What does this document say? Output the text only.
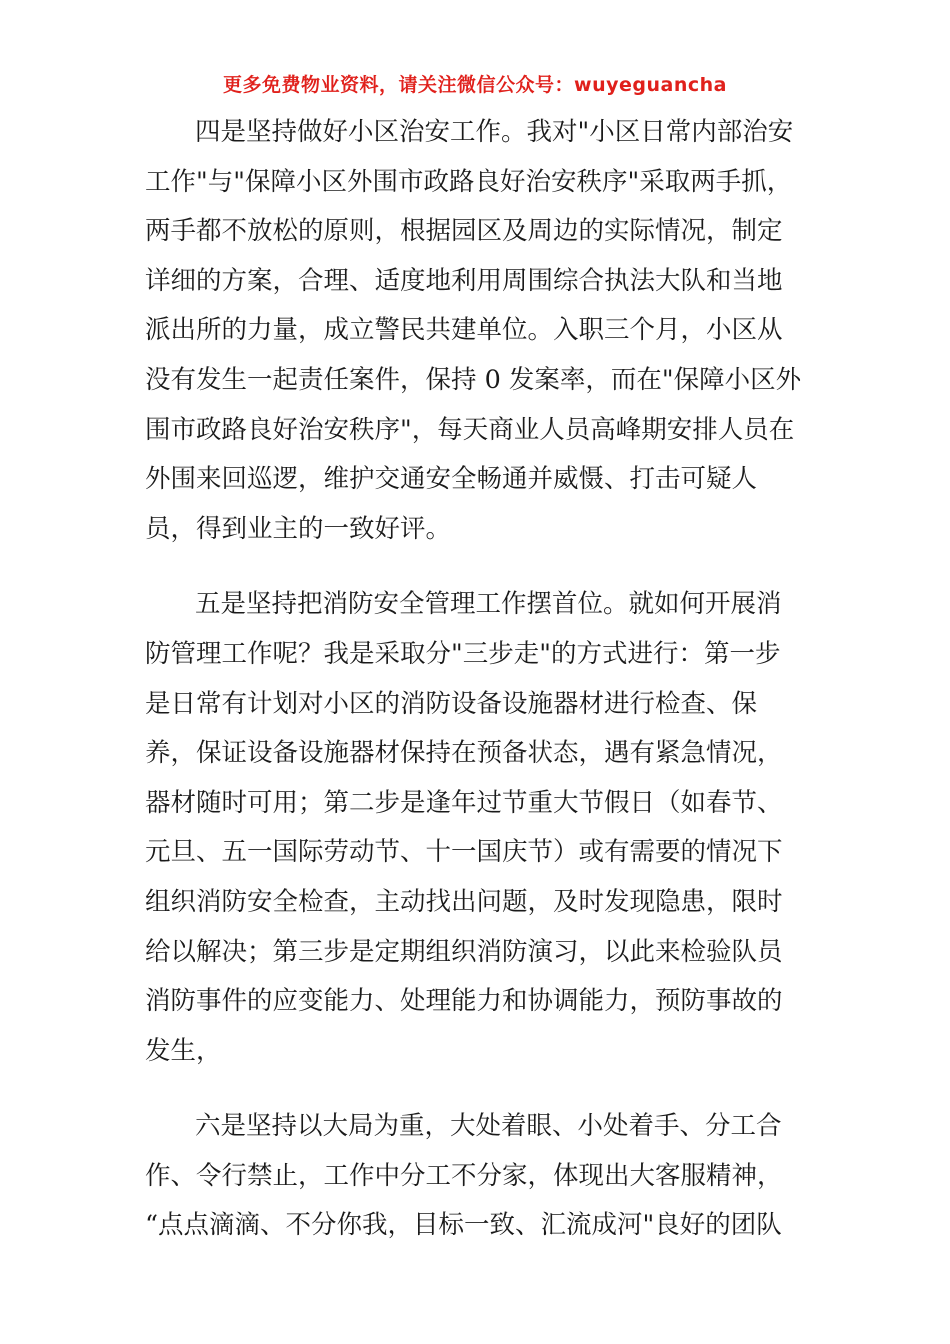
更多免费物业资料，请关注微信公众号：wuyeguancha
四是坚持做好小区治安工作。我对"小区日常内部治安
工作"与"保障小区外围市政路良好治安秩序"采取两手抓，
两手都不放松的原则，根据园区及周边的实际情况，制定
详细的方案，合理、适度地利用周围综合执法大队和当地
派出所的力量，成立警民共建单位。入职三个月，小区从
没有发生一起责任案件，保持 0 发案率，而在"保障小区外
围市政路良好治安秩序"，每天商业人员高峰期安排人员在
外围来回巡逻，维护交通安全畅通并威慑、打击可疑人
员，得到业主的一致好评。
五是坚持把消防安全管理工作摆首位。就如何开展消
防管理工作呢？我是采取分"三步走"的方式进行：第一步
是日常有计划对小区的消防设备设施器材进行检查、保
养，保证设备设施器材保持在预备状态，遇有紧急情况，
器材随时可用；第二步是逢年过节重大节假日（如春节、
元旦、五一国际劳动节、十一国庆节）或有需要的情况下
组织消防安全检查，主动找出问题，及时发现隐患，限时
给以解决；第三步是定期组织消防演习，以此来检验队员
消防事件的应变能力、处理能力和协调能力，预防事故的
发生，
六是坚持以大局为重，大处着眼、小处着手、分工合
作、令行禁止，工作中分工不分家，体现出大客服精神，
“点点滴滴、不分你我，目标一致、汇流成河"良好的团队
